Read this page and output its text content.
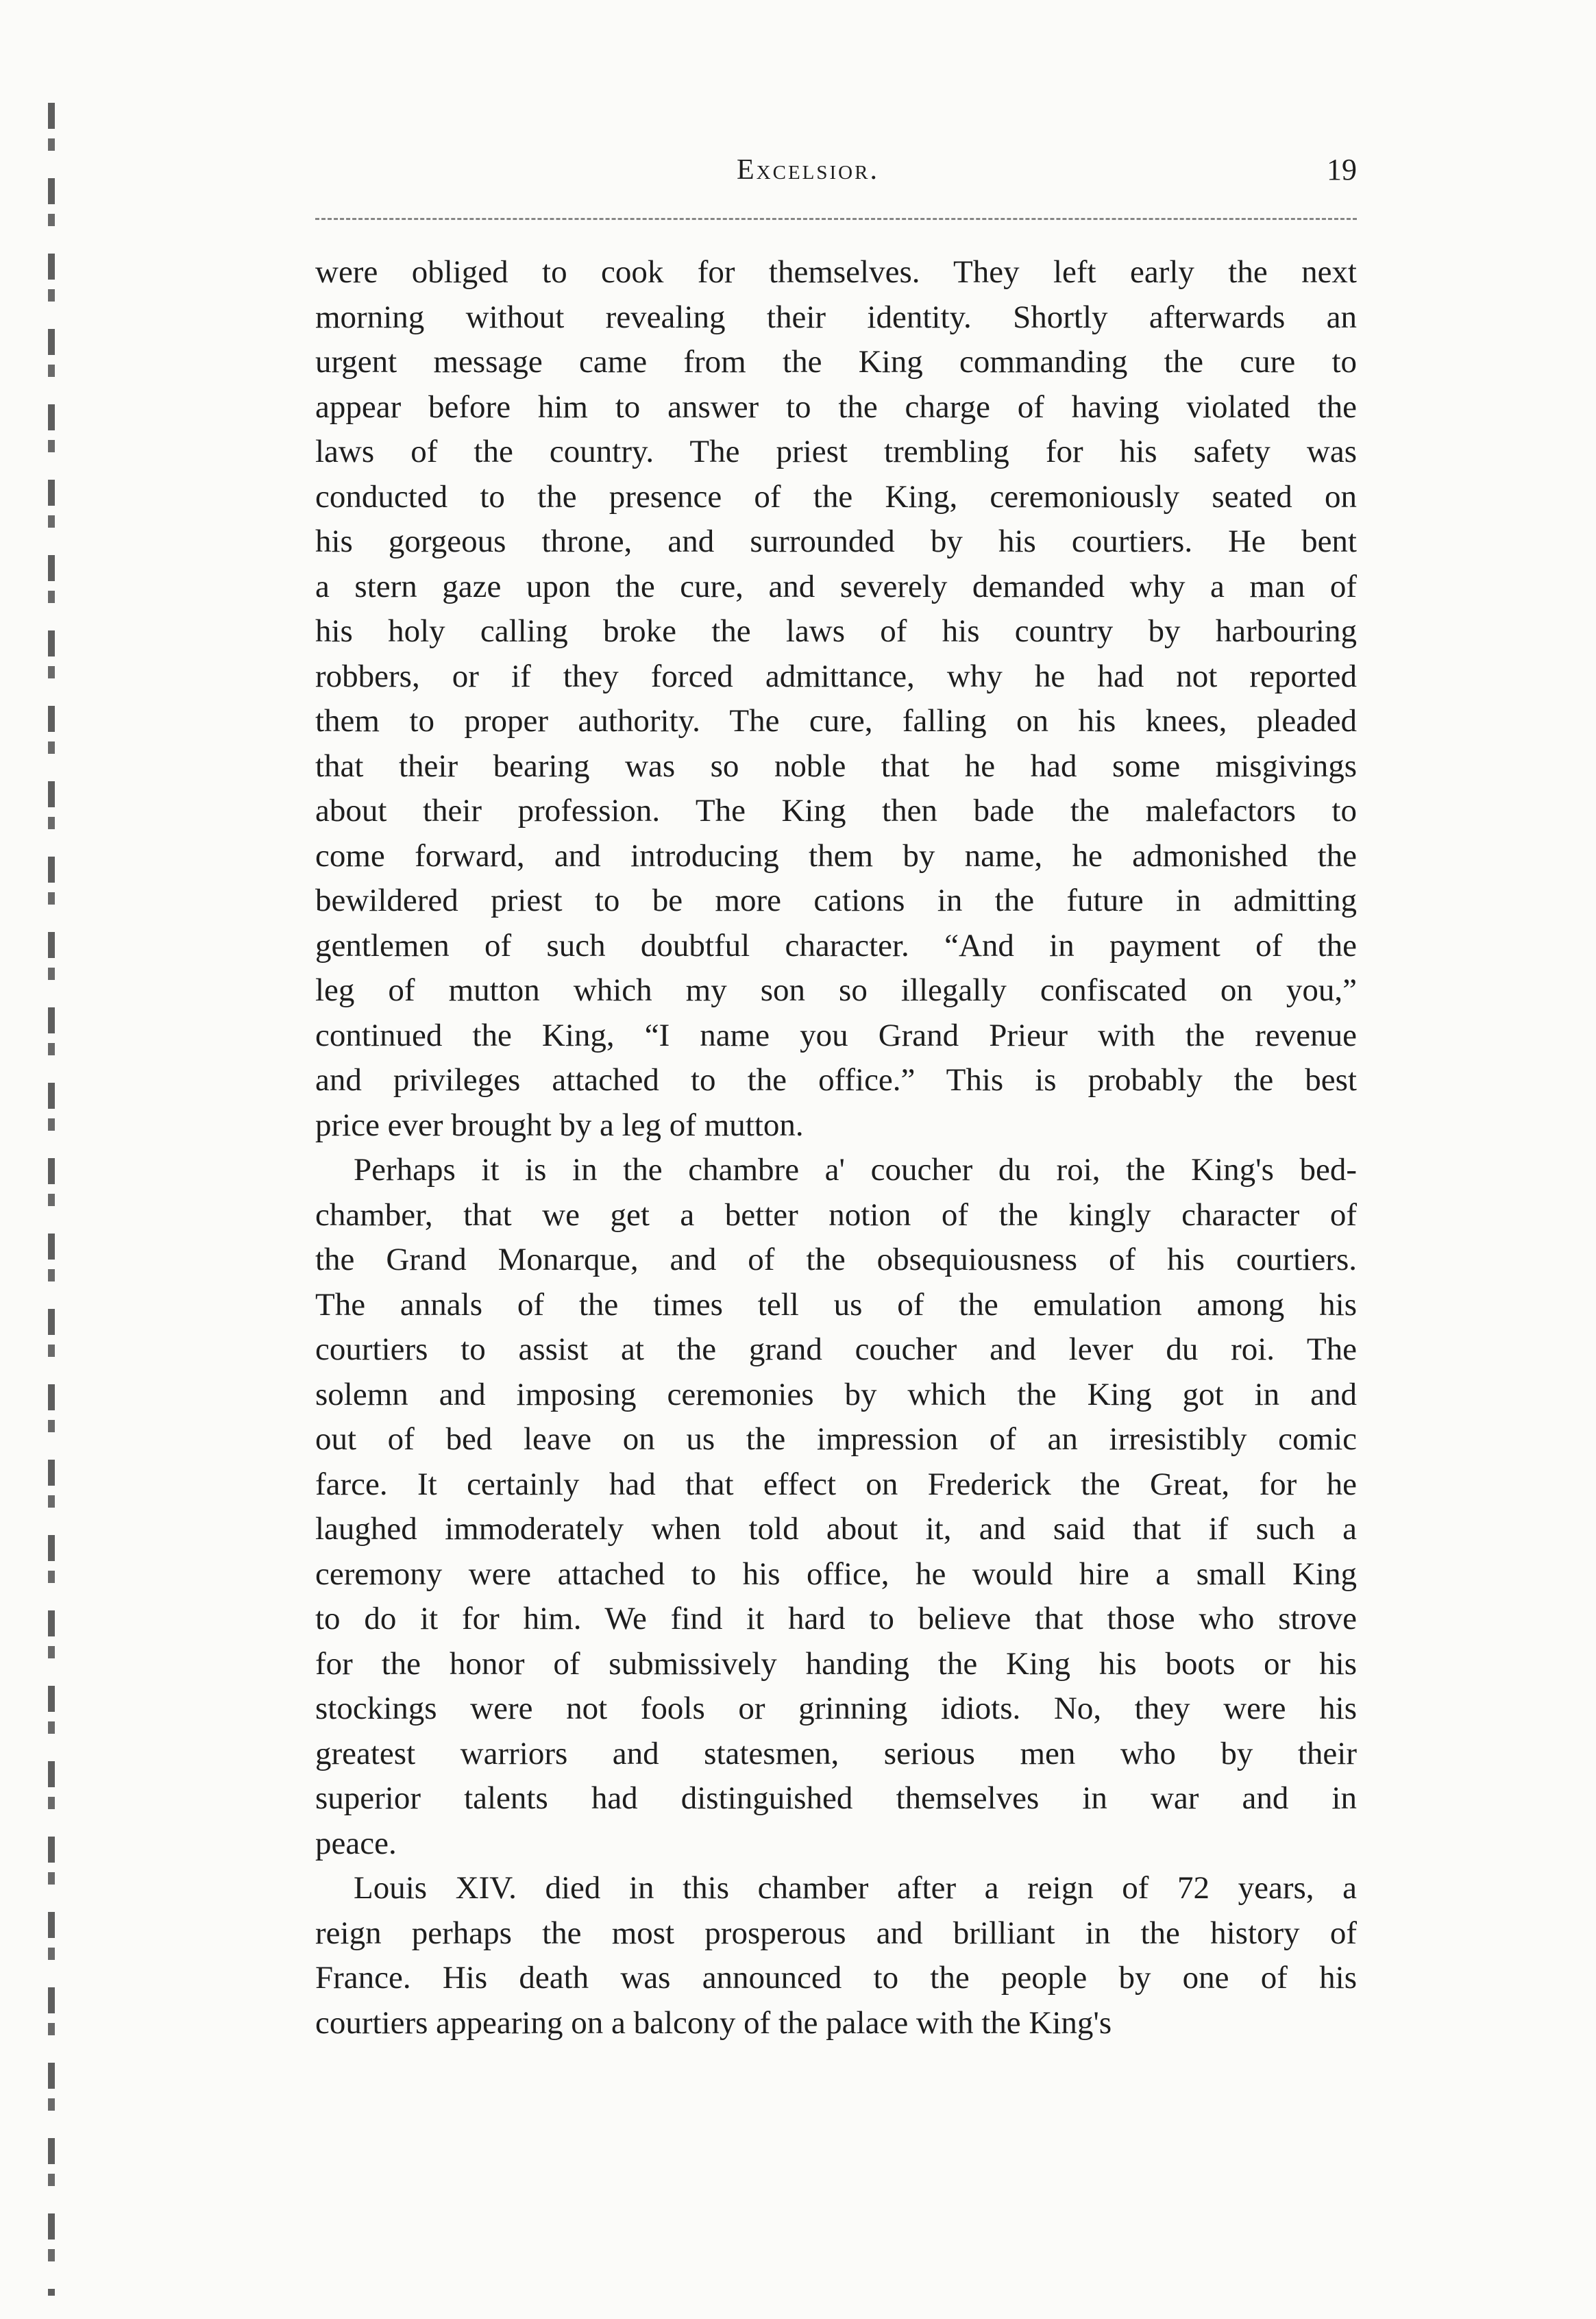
Excelsior.	19
were obliged to cook for themselves. They left early the next
morning without revealing their identity. Shortly afterwards an
urgent message came from the King commanding the cure to
appear before him to answer to the charge of having violated the
laws of the country. The priest trembling for his safety was
conducted to the presence of the King, ceremoniously seated on
his gorgeous throne, and surrounded by his courtiers. He bent
a stern gaze upon the cure, and severely demanded why a man of
his holy calling broke the laws of his country by harbouring
robbers, or if they forced admittance, why he had not reported
them to proper authority. The cure, falling on his knees, pleaded
that their bearing was so noble that he had some misgivings
about their profession. The King then bade the malefactors to
come forward, and introducing them by name, he admonished the
bewildered priest to be more cations in the future in admitting
gentlemen of such doubtful character. “And in payment of the
leg of mutton which my son so illegally confiscated on you,”
continued the King, “I name you Grand Prieur with the revenue
and privileges attached to the office.” This is probably the best
price ever brought by a leg of mutton.
Perhaps it is in the chambre a' coucher du roi, the King's bed-
chamber, that we get a better notion of the kingly character of
the Grand Monarque, and of the obsequiousness of his courtiers.
The annals of the times tell us of the emulation among his
courtiers to assist at the grand coucher and lever du roi. The
solemn and imposing ceremonies by which the King got in and
out of bed leave on us the impression of an irresistibly comic
farce. It certainly had that effect on Frederick the Great, for he
laughed immoderately when told about it, and said that if such a
ceremony were attached to his office, he would hire a small King
to do it for him. We find it hard to believe that those who strove
for the honor of submissively handing the King his boots or his
stockings were not fools or grinning idiots. No, they were his
greatest warriors and statesmen, serious men who by their
superior talents had distinguished themselves in war and in
peace.
Louis XIV. died in this chamber after a reign of 72 years, a
reign perhaps the most prosperous and brilliant in the history of
France. His death was announced to the people by one of his
courtiers appearing on a balcony of the palace with the King's
